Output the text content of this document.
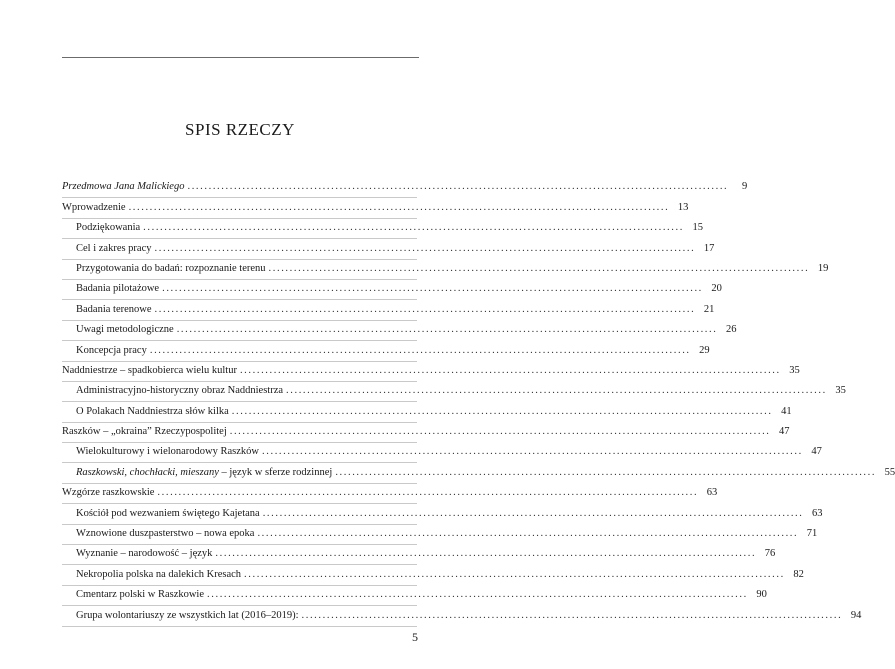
SPIS RZECZY
Przedmowa Jana Malickiego ................................................................................................................................	9
Wprowadzenie ................................................................................................................................ 13
Podziękowania ................................................................................................................................ 15
Cel i zakres pracy ................................................................................................................................ 17
Przygotowania do badań: rozpoznanie terenu ................................................................................................................................ 19
Badania pilotażowe ................................................................................................................................ 20
Badania terenowe ................................................................................................................................ 21
Uwagi metodologiczne ................................................................................................................................ 26
Koncepcja pracy ................................................................................................................................ 29
Naddniestrze – spadkobierca wielu kultur ................................................................................................................................ 35
Administracyjno-historyczny obraz Naddniestrza ................................................................................................................................ 35
O Polakach Naddniestrza słów kilka ................................................................................................................................ 41
Raszków – „okraina” Rzeczypospolitej ................................................................................................................................ 47
Wielokulturowy i wielonarodowy Raszków ................................................................................................................................ 47
Raszkowski, chochłacki, mieszany – język w sferze rodzinnej ................................................................................................................................ 55
Wzgórze raszkowskie ................................................................................................................................ 63
Kościół pod wezwaniem świętego Kajetana ................................................................................................................................ 63
Wznowione duszpasterstwo – nowa epoka ................................................................................................................................ 71
Wyznanie – narodowość – język ................................................................................................................................ 76
Nekropolia polska na dalekich Kresach ................................................................................................................................ 82
Cmentarz polski w Raszkowie ................................................................................................................................ 90
Grupa wolontariuszy ze wszystkich lat (2016–2019): ................................................................................................................................ 94
5
